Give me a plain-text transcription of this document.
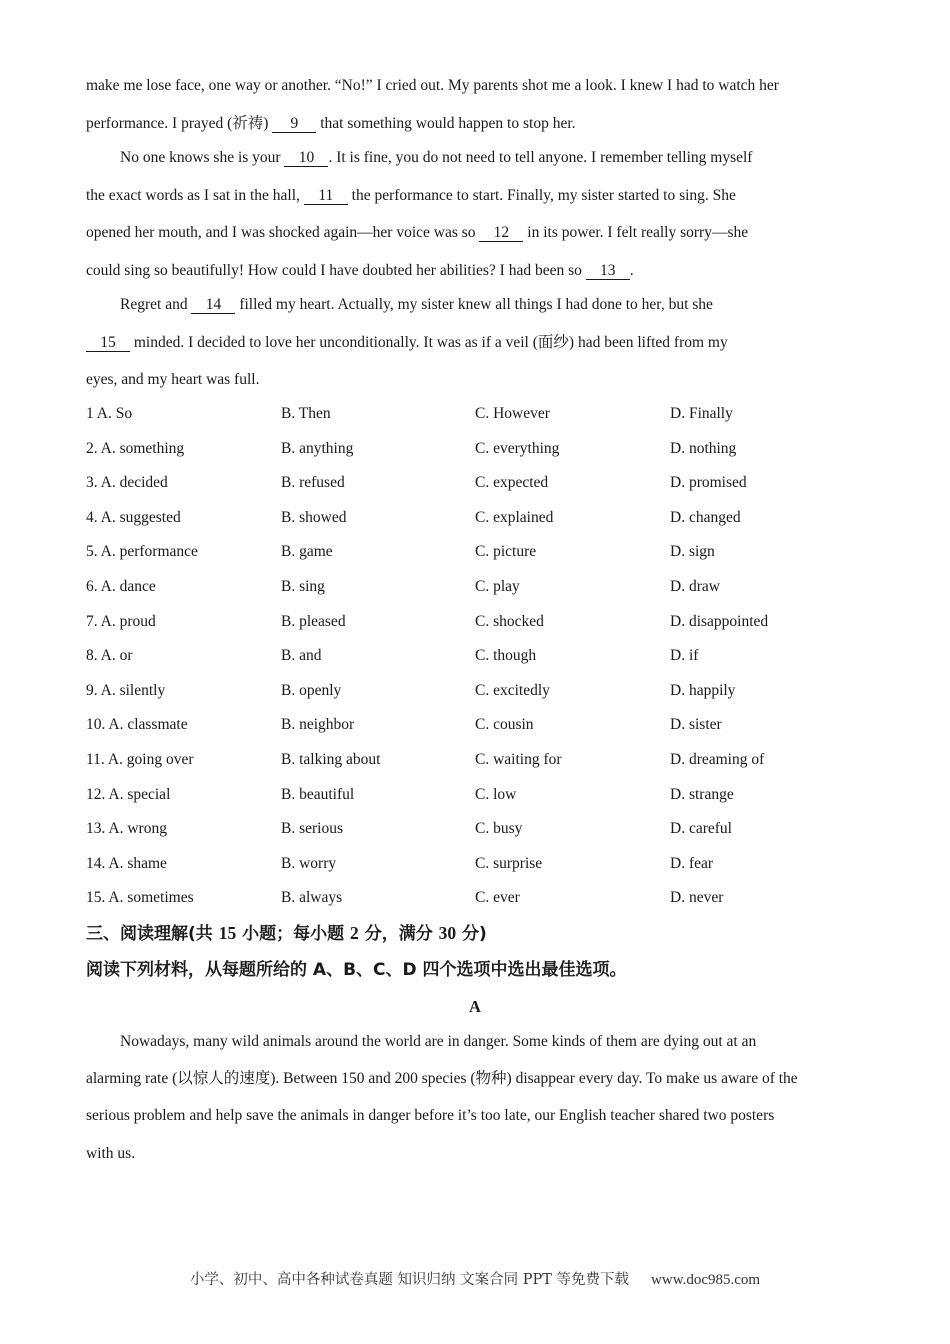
make me lose face, one way or another. “No!” I cried out. My parents shot me a look. I knew I had to watch her
performance. I prayed (祈祷) 9 that something would happen to stop her.
No one knows she is your 10 . It is fine, you do not need to tell anyone. I remember telling myself
the exact words as I sat in the hall, 11 the performance to start. Finally, my sister started to sing. She
opened her mouth, and I was shocked again—her voice was so 12 in its power. I felt really sorry—she
could sing so beautifully! How could I have doubted her abilities? I had been so 13 .
Regret and 14 filled my heart. Actually, my sister knew all things I had done to her, but she
15 minded. I decided to love her unconditionally. It was as if a veil (面纱) had been lifted from my
eyes, and my heart was full.
1 A. So	B. Then	C. However	D. Finally
2. A. something	B. anything	C. everything	D. nothing
3. A. decided	B. refused	C. expected	D. promised
4. A. suggested	B. showed	C. explained	D. changed
5. A. performance	B. game	C. picture	D. sign
6. A. dance	B. sing	C. play	D. draw
7. A. proud	B. pleased	C. shocked	D. disappointed
8. A. or	B. and	C. though	D. if
9. A. silently	B. openly	C. excitedly	D. happily
10. A. classmate	B. neighbor	C. cousin	D. sister
11. A. going over	B. talking about	C. waiting for	D. dreaming of
12. A. special	B. beautiful	C. low	D. strange
13. A. wrong	B. serious	C. busy	D. careful
14. A. shame	B. worry	C. surprise	D. fear
15. A. sometimes	B. always	C. ever	D. never
三、阅读理解(共 15 小题；每小题 2 分，满分 30 分)
阅读下列材料，从每题所给的 A、B、C、D 四个选项中选出最佳选项。
A
Nowadays, many wild animals around the world are in danger. Some kinds of them are dying out at an
alarming rate (以惊人的速度). Between 150 and 200 species (物种) disappear every day. To make us aware of the
serious problem and help save the animals in danger before it’s too late, our English teacher shared two posters
with us.
小学、初中、高中各种试卷真题 知识归纳 文案合同 PPT 等免费下载 www.doc985.com
